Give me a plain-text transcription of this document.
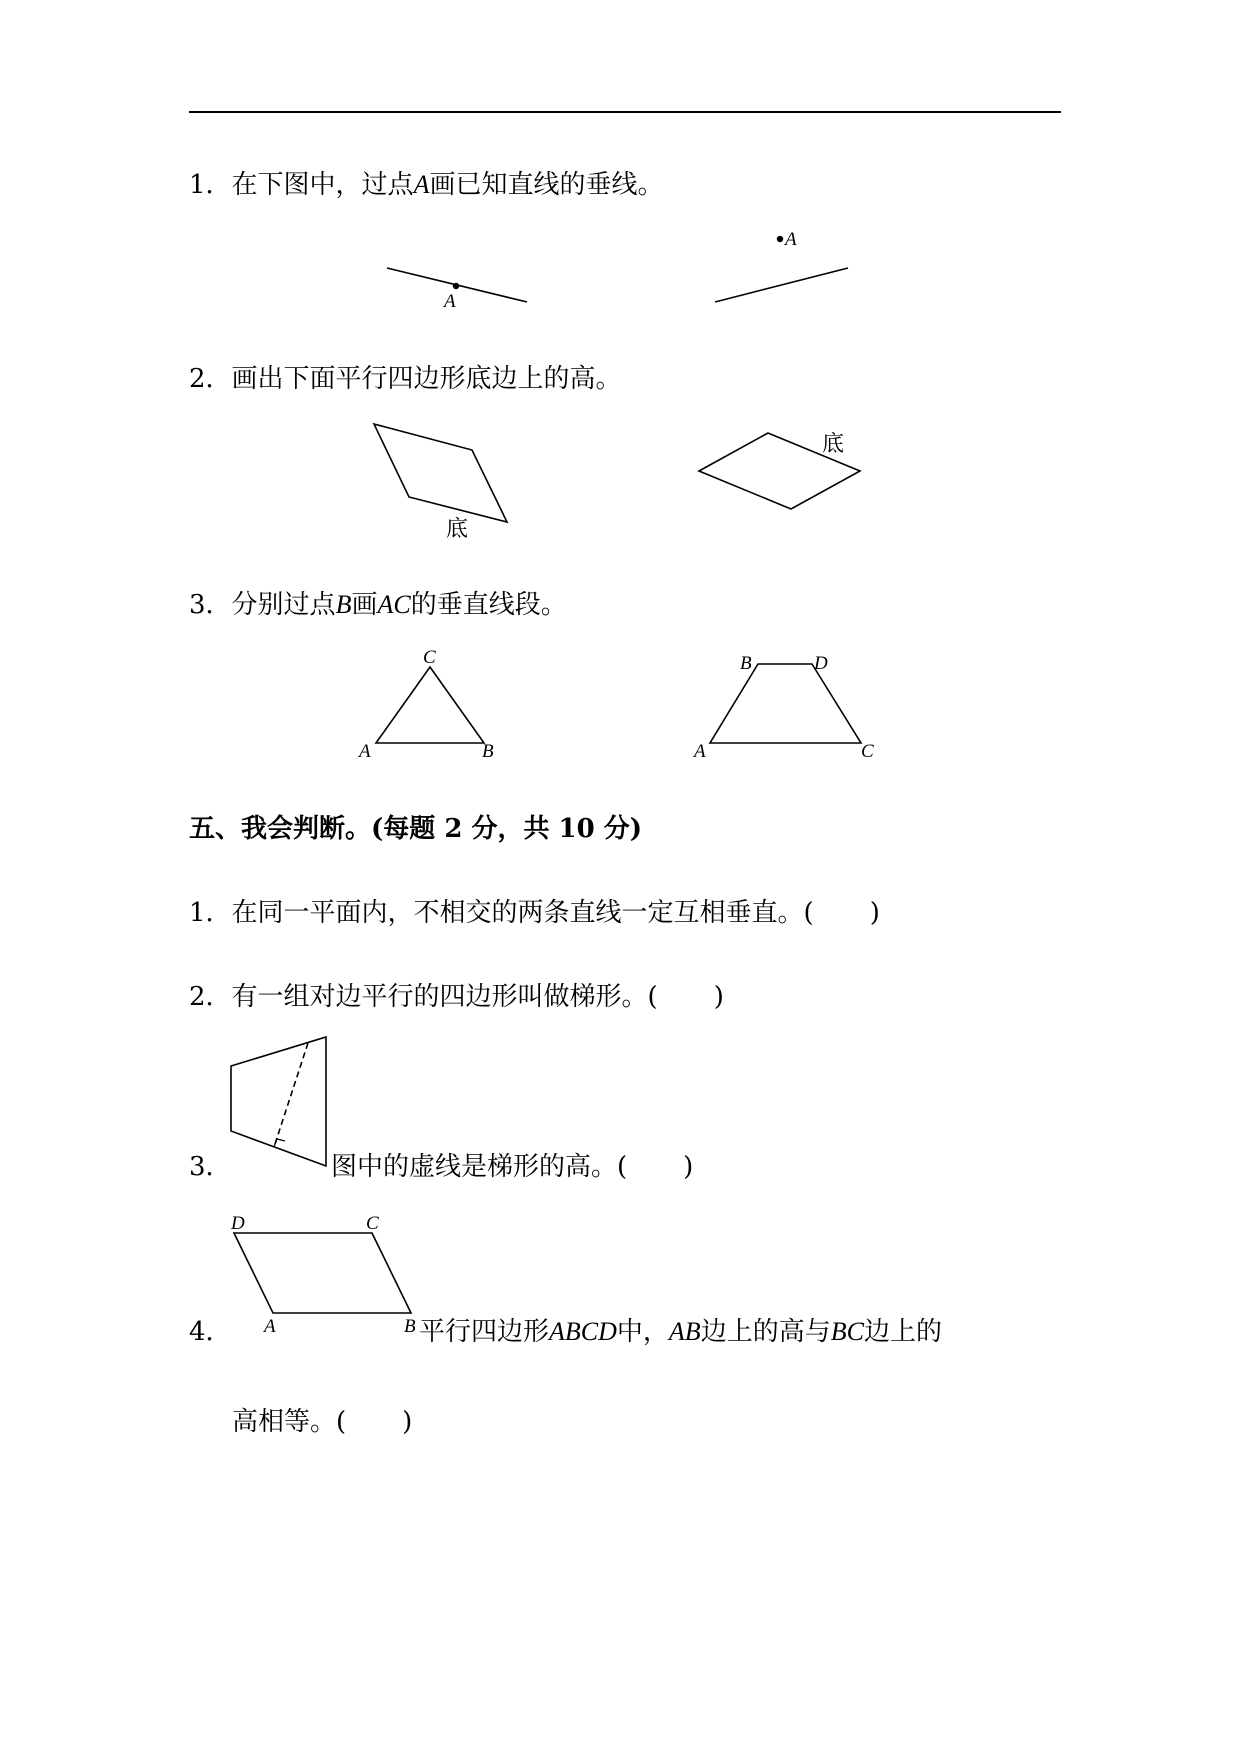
1．在下图中，过点A画已知直线的垂线。
2．画出下面平行四边形底边上的高。
3．分别过点B画AC的垂直线段。
五、我会判断。(每题 2 分，共 10 分)
1．在同一平面内，不相交的两条直线一定互相垂直。( )
2．有一组对边平行的四边形叫做梯形。( )
3．	图中的虚线是梯形的高。( )
4．	平行四边形ABCD中，AB边上的高与BC边上的
高相等。( )
A
A
底
底
C
A	B
B	D
A	C
D	C
A	B
